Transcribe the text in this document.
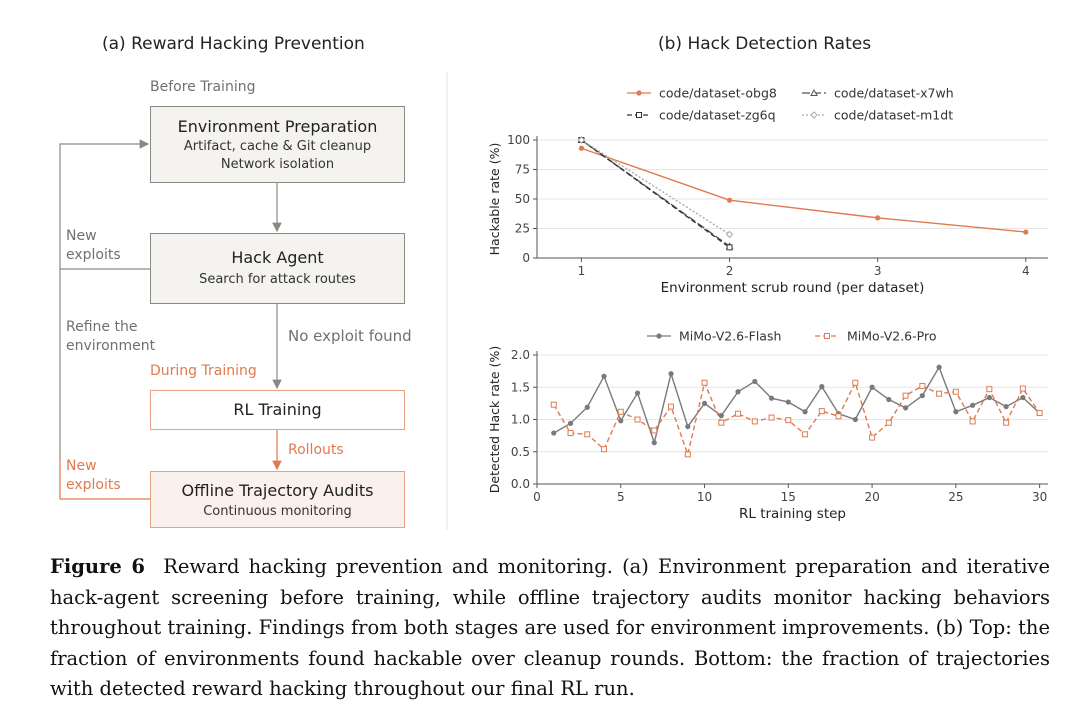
(a) Reward Hacking Prevention
Before Training
Environment Preparation
Artifact, cache & Git cleanup
Network isolation
Hack Agent
Search for attack routes
New
exploits
Refine the
environment
No exploit found
During Training
RL Training
Rollouts
New
exploits	Offline Trajectory Audits
Continuous monitoring
(b) Hack Detection Rates
0
25
50
75
100
1	2	3	4
Environment scrub round (per dataset)
Hackable rate (%)
code/dataset-obg8	code/dataset-x7wh
code/dataset-zg6q	code/dataset-m1dt
0.0
0.5
1.0
1.5
2.0
0	5	10	15	20	25	30
RL training step
Detected Hack rate (%)
MiMo-V2.6-Flash	MiMo-V2.6-Pro
Figure 6 Reward hacking prevention and monitoring. (a) Environment preparation and iterative hack-agent screening before training, while offline trajectory audits monitor hacking behaviors throughout training. Findings from both stages are used for environment improvements. (b) Top: the fraction of environments found hackable over cleanup rounds. Bottom: the fraction of trajectories with detected reward hacking throughout our final RL run.
